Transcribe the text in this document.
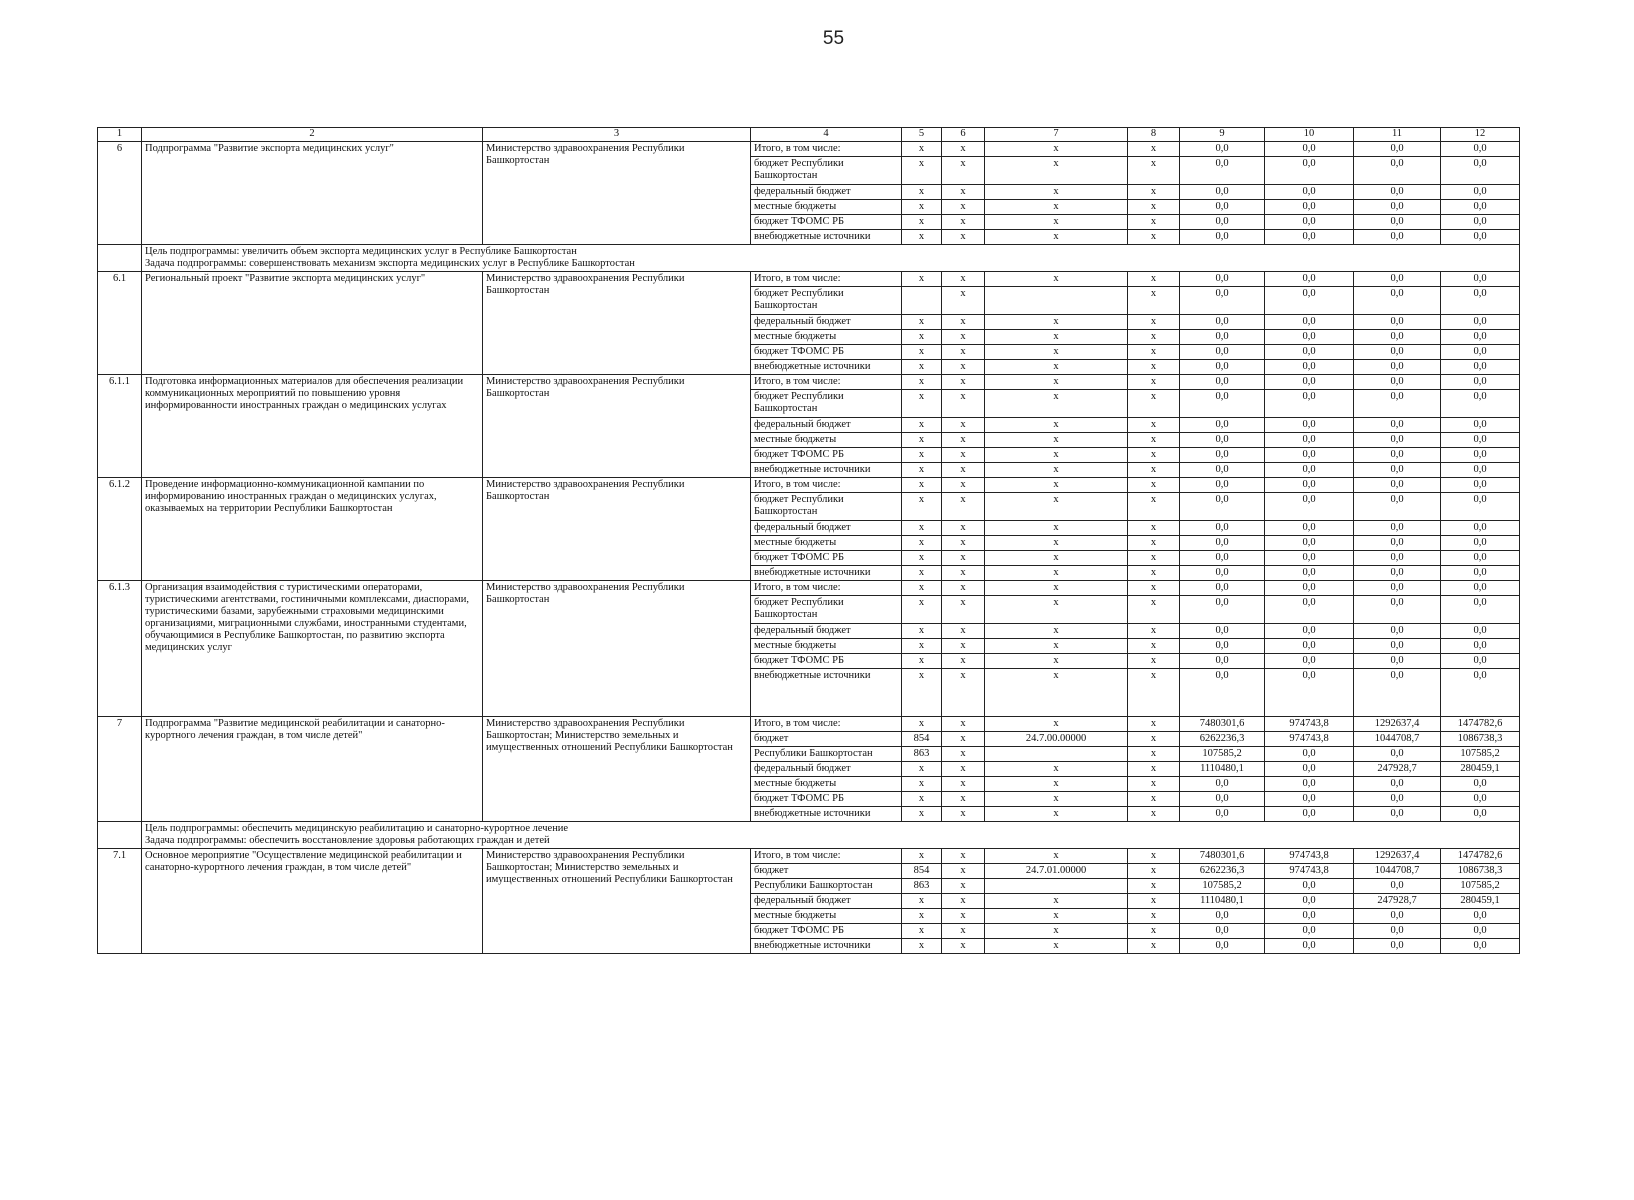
55
1	2	3	4	5	6	7	8	9	10	11	12
6	Подпрограмма "Развитие экспорта медицинских услуг"	Министерство здравоохранения Республики Башкортостан	Итого, в том числе:	x	x	x	x	0,0	0,0	0,0	0,0
			бюджет Республики Башкортостан	x	x	x	x	0,0	0,0	0,0	0,0
			федеральный бюджет	x	x	x	x	0,0	0,0	0,0	0,0
			местные бюджеты	x	x	x	x	0,0	0,0	0,0	0,0
			бюджет ТФОМС РБ	x	x	x	x	0,0	0,0	0,0	0,0
			внебюджетные источники	x	x	x	x	0,0	0,0	0,0	0,0

	Цель подпрограммы: увеличить объем экспорта медицинских услуг в Республике Башкортостан
Задача подпрограммы: совершенствовать механизм экспорта медицинских услуг в Республике Башкортостан										

6.1	Региональный проект "Развитие экспорта медицинских услуг"	Министерство здравоохранения Республики Башкортостан	Итого, в том числе:	x	x	x	x	0,0	0,0	0,0	0,0
			бюджет Республики Башкортостан		x		x	0,0	0,0	0,0	0,0
			федеральный бюджет	x	x	x	x	0,0	0,0	0,0	0,0
			местные бюджеты	x	x	x	x	0,0	0,0	0,0	0,0
			бюджет ТФОМС РБ	x	x	x	x	0,0	0,0	0,0	0,0
			внебюджетные источники	x	x	x	x	0,0	0,0	0,0	0,0
6.1.1	Подготовка информационных материалов для обеспечения реализации коммуникационных мероприятий по повышению уровня информированности иностранных граждан о медицинских услугах	Министерство здравоохранения Республики Башкортостан	Итого, в том числе:	x	x	x	x	0,0	0,0	0,0	0,0
			бюджет Республики Башкортостан	x	x	x	x	0,0	0,0	0,0	0,0
			федеральный бюджет	x	x	x	x	0,0	0,0	0,0	0,0
			местные бюджеты	x	x	x	x	0,0	0,0	0,0	0,0
			бюджет ТФОМС РБ	x	x	x	x	0,0	0,0	0,0	0,0
			внебюджетные источники	x	x	x	x	0,0	0,0	0,0	0,0
6.1.2	Проведение информационно-коммуникационной кампании по информированию иностранных граждан о медицинских услугах, оказываемых на территории Республики Башкортостан	Министерство здравоохранения Республики Башкортостан	Итого, в том числе:	x	x	x	x	0,0	0,0	0,0	0,0
			бюджет Республики Башкортостан	x	x	x	x	0,0	0,0	0,0	0,0
			федеральный бюджет	x	x	x	x	0,0	0,0	0,0	0,0
			местные бюджеты	x	x	x	x	0,0	0,0	0,0	0,0
			бюджет ТФОМС РБ	x	x	x	x	0,0	0,0	0,0	0,0
			внебюджетные источники	x	x	x	x	0,0	0,0	0,0	0,0
6.1.3	Организация взаимодействия с туристическими операторами, туристическими агентствами, гостиничными комплексами, диаспорами, туристическими базами, зарубежными страховыми медицинскими организациями, миграционными службами, иностранными студентами, обучающимися в Республике Башкортостан, по развитию экспорта медицинских услуг	Министерство здравоохранения Республики Башкортостан	Итого, в том числе:	x	x	x	x	0,0	0,0	0,0	0,0
			бюджет Республики Башкортостан	x	x	x	x	0,0	0,0	0,0	0,0
			федеральный бюджет	x	x	x	x	0,0	0,0	0,0	0,0
			местные бюджеты	x	x	x	x	0,0	0,0	0,0	0,0
			бюджет ТФОМС РБ	x	x	x	x	0,0	0,0	0,0	0,0
			внебюджетные источники	x	x	x	x	0,0	0,0	0,0	0,0
7	Подпрограмма "Развитие медицинской реабилитации и санаторно-курортного лечения граждан, в том числе детей"	Министерство здравоохранения Республики Башкортостан; Министерство земельных и имущественных отношений Республики Башкортостан	Итого, в том числе:	x	x	x	x	7480301,6	974743,8	1292637,4	1474782,6
			бюджет	854	x	24.7.00.00000	x	6262236,3	974743,8	1044708,7	1086738,3
			Республики Башкортостан	863	x		x	107585,2	0,0	0,0	107585,2
			федеральный бюджет	x	x	x	x	1110480,1	0,0	247928,7	280459,1
			местные бюджеты	x	x	x	x	0,0	0,0	0,0	0,0
			бюджет ТФОМС РБ	x	x	x	x	0,0	0,0	0,0	0,0
			внебюджетные источники	x	x	x	x	0,0	0,0	0,0	0,0

	Цель подпрограммы: обеспечить медицинскую реабилитацию и санаторно-курортное лечение
Задача подпрограммы: обеспечить восстановление здоровья работающих граждан и детей										

7.1	Основное мероприятие "Осуществление медицинской реабилитации и санаторно-курортного лечения граждан, в том числе детей"	Министерство здравоохранения Республики Башкортостан; Министерство земельных и имущественных отношений Республики Башкортостан	Итого, в том числе:	x	x	x	x	7480301,6	974743,8	1292637,4	1474782,6
			бюджет	854	x	24.7.01.00000	x	6262236,3	974743,8	1044708,7	1086738,3
			Республики Башкортостан	863	x		x	107585,2	0,0	0,0	107585,2
			федеральный бюджет	x	x	x	x	1110480,1	0,0	247928,7	280459,1
			местные бюджеты	x	x	x	x	0,0	0,0	0,0	0,0
			бюджет ТФОМС РБ	x	x	x	x	0,0	0,0	0,0	0,0
			внебюджетные источники	x	x	x	x	0,0	0,0	0,0	0,0
